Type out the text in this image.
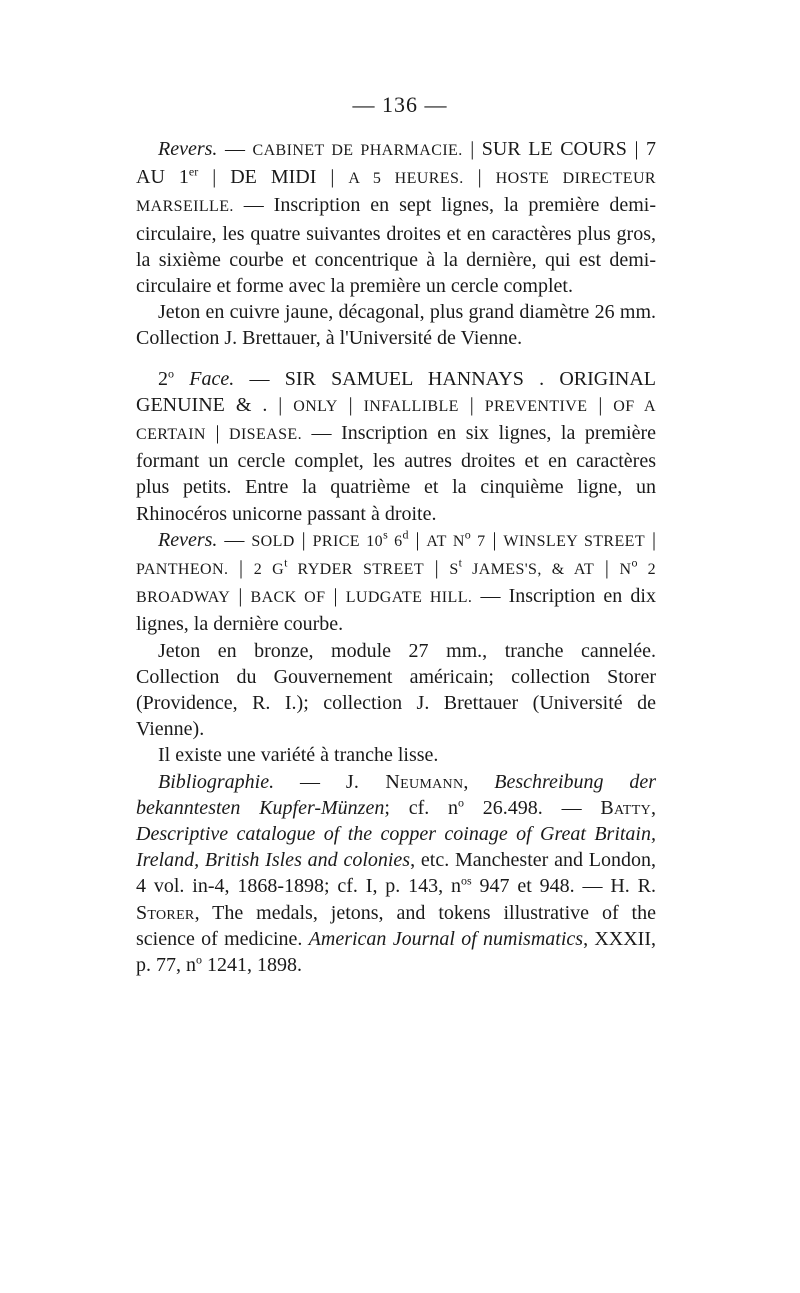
— 136 —

Revers. — CABINET DE PHARMACIE. | SUR LE COURS | 7 AU 1er | DE MIDI | A 5 HEURES. | HOSTE DIRECTEUR MARSEILLE. — Inscription en sept lignes, la première demi-circulaire, les quatre suivantes droites et en caractères plus gros, la sixième courbe et concentrique à la dernière, qui est demi-circulaire et forme avec la première un cercle complet.

Jeton en cuivre jaune, décagonal, plus grand diamètre 26 mm. Collection J. Brettauer, à l'Université de Vienne.

2$^o$ Face. — SIR SAMUEL HANNAYS . ORIGINAL GENUINE & . | ONLY | INFALLIBLE | PREVENTIVE | OF A CERTAIN | DISEASE. — Inscription en six lignes, la première formant un cercle complet, les autres droites et en caractères plus petits. Entre la quatrième et la cinquième ligne, un Rhinocéros unicorne passant à droite.

Revers. — SOLD | PRICE 10$^s$ 6$^d$ | AT $N^o$ 7 | WINSLEY STREET | PANTHEON. | 2 $G^t$ RYDER STREET | $S^t$ JAMES'S, & AT | $N^o$ 2 BROADWAY | BACK OF | LUDGATE HILL. — Inscription en dix lignes, la dernière courbe.

Jeton en bronze, module 27 mm., tranche cannelée. Collection du Gouvernement américain; collection Storer (Providence, R. I.); collection J. Brettauer (Université de Vienne).

Il existe une variété à tranche lisse.

Bibliographie. — J. Neumann, Beschreibung der bekanntesten Kupfer-Münzen; cf. $n^o$ 26.498. — Batty, Descriptive catalogue of the copper coinage of Great Britain, Ireland, British Isles and colonies, etc. Manchester and London, 4 vol. in-4, 1868-1898; cf. I, p. 143, $n^{os}$ 947 et 948. — H. R. Storer, The medals, jetons, and tokens illustrative of the science of medicine. American Journal of numismatics, XXXII, p. 77, $n^o$ 1241, 1898.
